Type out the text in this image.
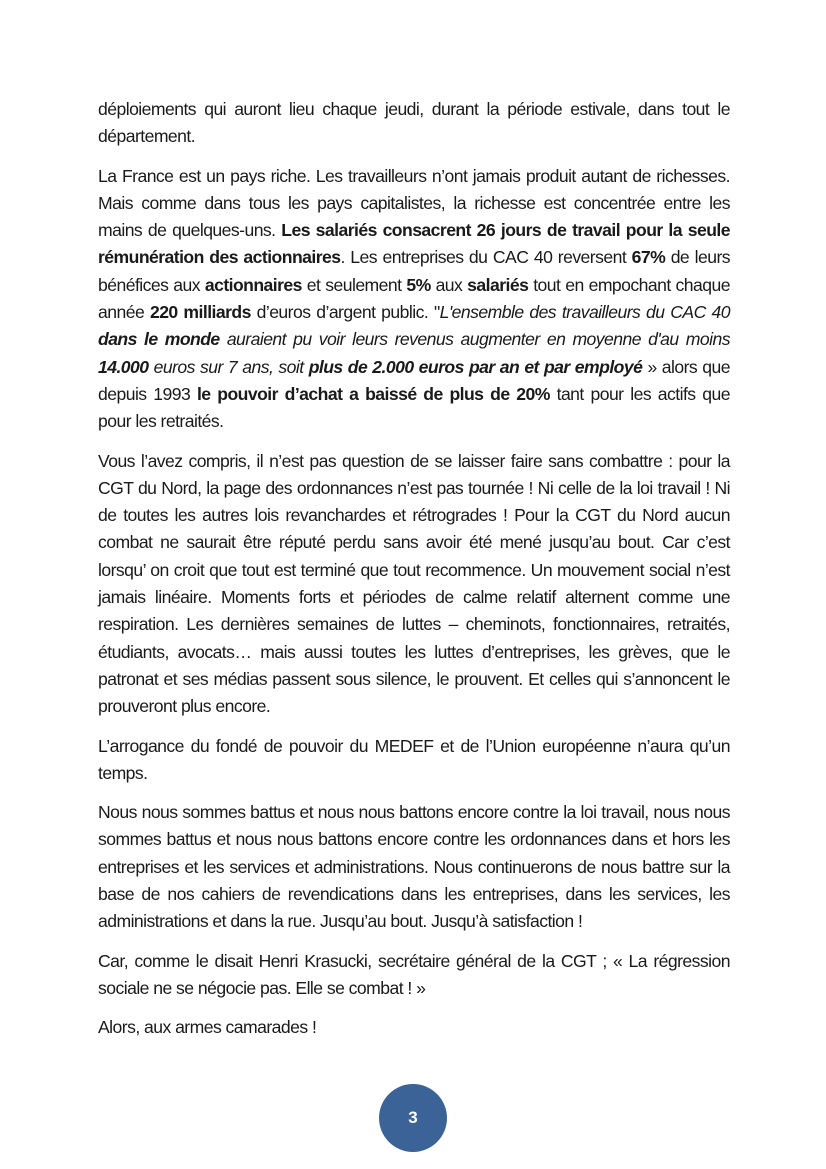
déploiements qui auront lieu chaque jeudi, durant la période estivale, dans tout le département.

La France est un pays riche. Les travailleurs n’ont jamais produit autant de richesses. Mais comme dans tous les pays capitalistes, la richesse est concentrée entre les mains de quelques-uns. Les salariés consacrent 26 jours de travail pour la seule rémunération des actionnaires. Les entreprises du CAC 40 reversent 67% de leurs bénéfices aux actionnaires et seulement 5% aux salariés tout en empochant chaque année 220 milliards d’euros d’argent public. "L'ensemble des travailleurs du CAC 40 dans le monde auraient pu voir leurs revenus augmenter en moyenne d'au moins 14.000 euros sur 7 ans, soit plus de 2.000 euros par an et par employé » alors que depuis 1993 le pouvoir d’achat a baissé de plus de 20% tant pour les actifs que pour les retraités.

Vous l’avez compris, il n’est pas question de se laisser faire sans combattre : pour la CGT du Nord, la page des ordonnances n’est pas tournée ! Ni celle de la loi travail ! Ni de toutes les autres lois revanchardes et rétrogrades ! Pour la CGT du Nord aucun combat ne saurait être réputé perdu sans avoir été mené jusqu’au bout. Car c’est lorsqu’ on croit que tout est terminé que tout recommence. Un mouvement social n’est jamais linéaire. Moments forts et périodes de calme relatif alternent comme une respiration. Les dernières semaines de luttes – cheminots, fonctionnaires, retraités, étudiants, avocats… mais aussi toutes les luttes d’entreprises, les grèves, que le patronat et ses médias passent sous silence, le prouvent. Et celles qui s’annoncent le prouveront plus encore.

L’arrogance du fondé de pouvoir du MEDEF et de l’Union européenne n’aura qu’un temps.

Nous nous sommes battus et nous nous battons encore contre la loi travail, nous nous sommes battus et nous nous battons encore contre les ordonnances dans et hors les entreprises et les services et administrations. Nous continuerons de nous battre sur la base de nos cahiers de revendications dans les entreprises, dans les services, les administrations et dans la rue. Jusqu’au bout. Jusqu’à satisfaction !

Car, comme le disait Henri Krasucki, secrétaire général de la CGT ; « La régression sociale ne se négocie pas. Elle se combat ! »

Alors, aux armes camarades !

3
